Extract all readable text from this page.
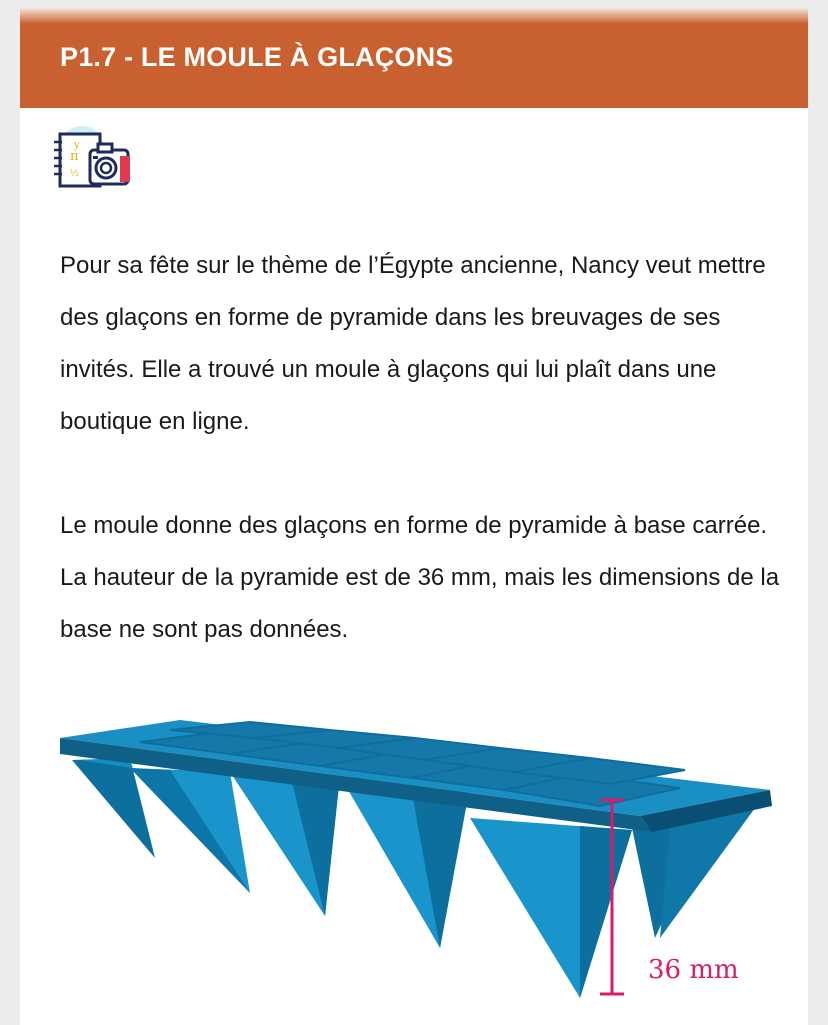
P1.7 - LE MOULE À GLAÇONS
y
π
½
Pour sa fête sur le thème de l’Égypte ancienne, Nancy veut mettre des glaçons en forme de pyramide dans les breuvages de ses invités. Elle a trouvé un moule à glaçons qui lui plaît dans une boutique en ligne.
Le moule donne des glaçons en forme de pyramide à base carrée. La hauteur de la pyramide est de 36 mm, mais les dimensions de la base ne sont pas données.
36 mm
